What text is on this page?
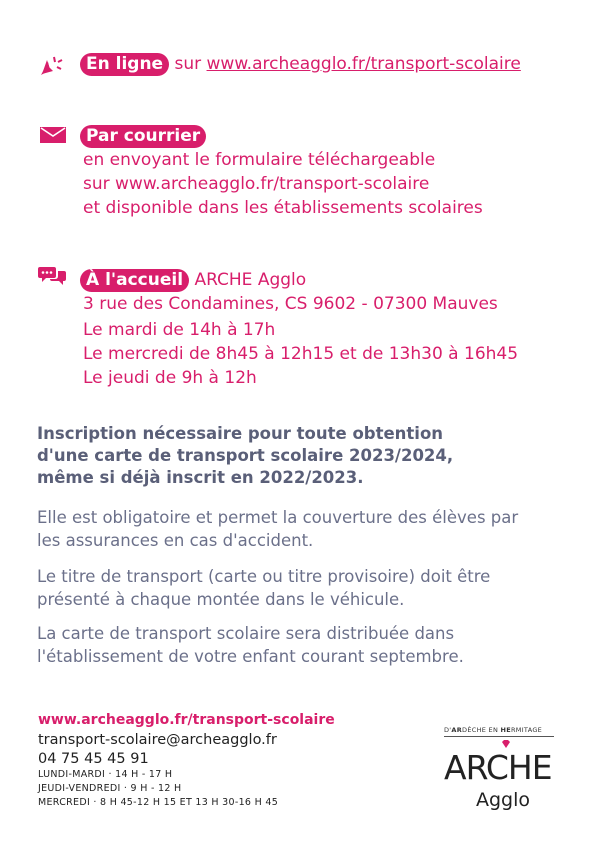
En ligne sur www.archeagglo.fr/transport-scolaire
Par courrier
en envoyant le formulaire téléchargeable
sur www.archeagglo.fr/transport-scolaire
et disponible dans les établissements scolaires
À l'accueil ARCHE Agglo
3 rue des Condamines, CS 9602 - 07300 Mauves
Le mardi de 14h à 17h
Le mercredi de 8h45 à 12h15 et de 13h30 à 16h45
Le jeudi de 9h à 12h
Inscription nécessaire pour toute obtention
d'une carte de transport scolaire 2023/2024,
même si déjà inscrit en 2022/2023.
Elle est obligatoire et permet la couverture des élèves par
les assurances en cas d'accident.
Le titre de transport (carte ou titre provisoire) doit être
présenté à chaque montée dans le véhicule.
La carte de transport scolaire sera distribuée dans
l'établissement de votre enfant courant septembre.
www.archeagglo.fr/transport-scolaire
transport-scolaire@archeagglo.fr
04 75 45 45 91
LUNDI-MARDI · 14 H - 17 H
JEUDI-VENDREDI · 9 H - 12 H
MERCREDI · 8 H 45-12 H 15 ET 13 H 30-16 H 45
D'ARDÈCHE EN HERMITAGE
ARCHE
Agglo
